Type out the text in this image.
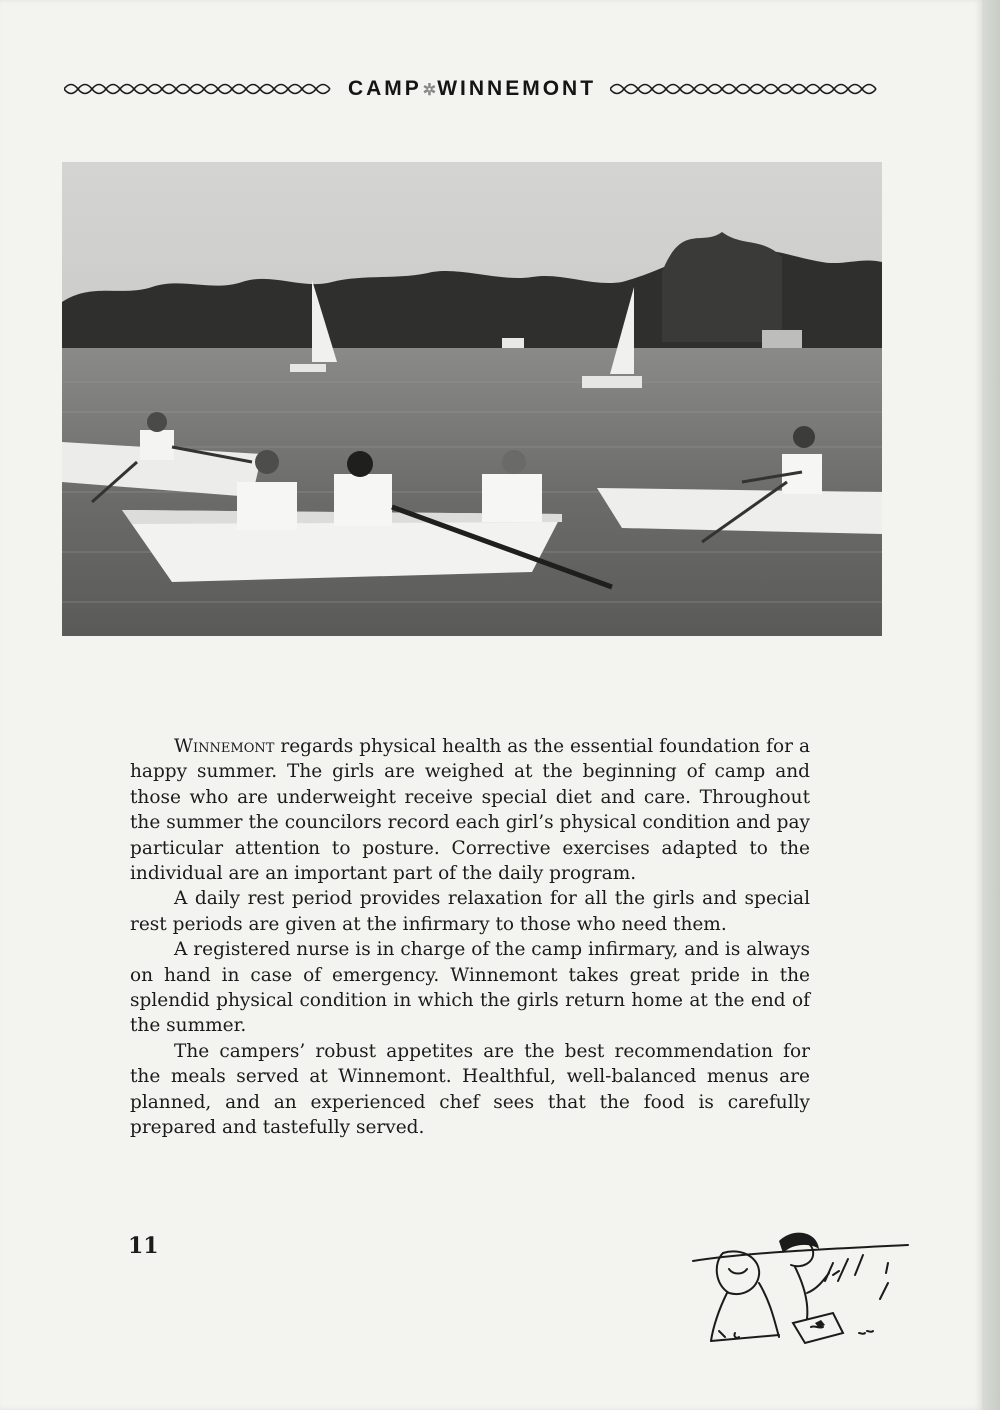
CAMP✲WINNEMONT

Winnemont regards physical health as the essential foundation for a happy summer. The girls are weighed at the beginning of camp and those who are underweight receive special diet and care. Throughout the summer the councilors record each girl’s physical condition and pay particular attention to posture. Corrective exercises adapted to the individual are an important part of the daily program.

A daily rest period provides relaxation for all the girls and special rest periods are given at the infirmary to those who need them.

A registered nurse is in charge of the camp infirmary, and is always on hand in case of emergency. Winnemont takes great pride in the splendid physical condition in which the girls return home at the end of the summer.

The campers’ robust appetites are the best recommendation for the meals served at Winnemont. Healthful, well-balanced menus are planned, and an experienced chef sees that the food is carefully prepared and tastefully served.

11
